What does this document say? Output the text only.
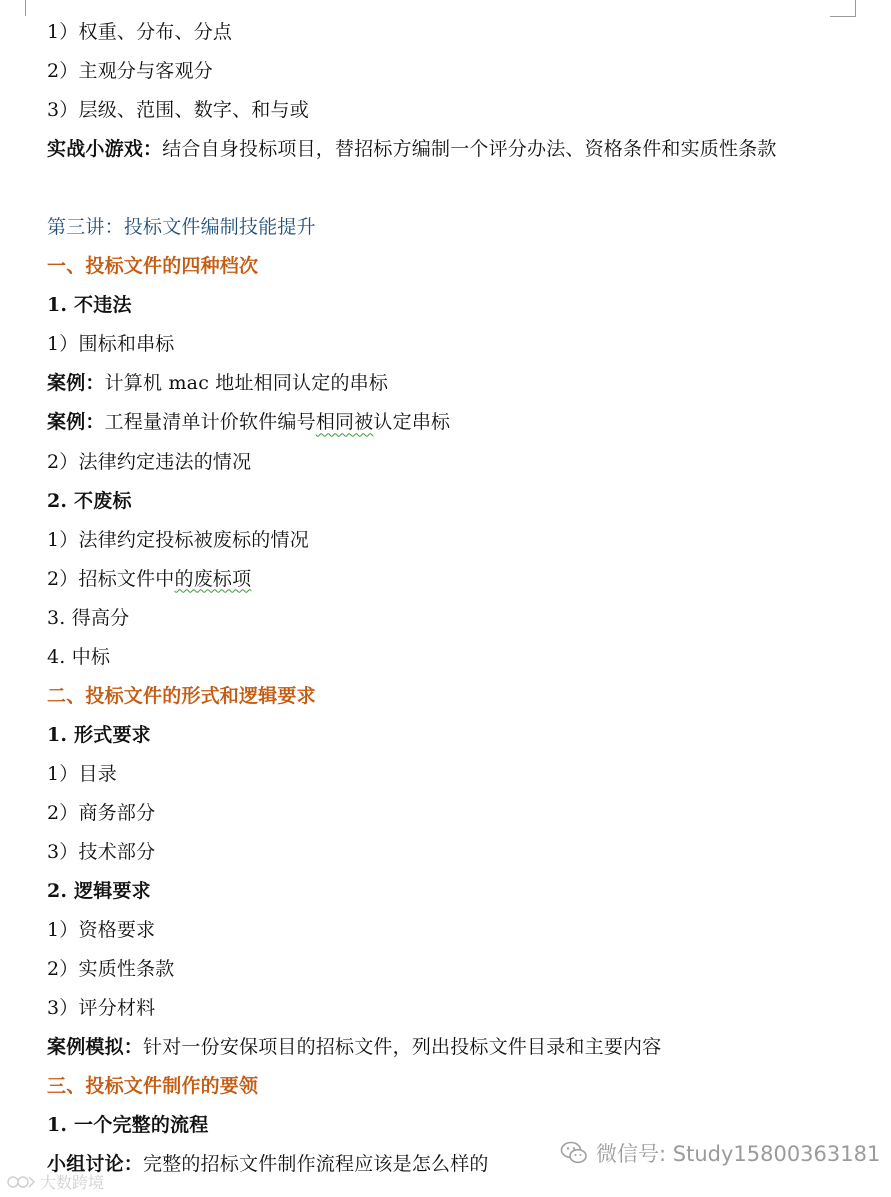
1）权重、分布、分点
2）主观分与客观分
3）层级、范围、数字、和与或
实战小游戏：结合自身投标项目，替招标方编制一个评分办法、资格条件和实质性条款
第三讲：投标文件编制技能提升
一、投标文件的四种档次
1. 不违法
1）围标和串标
案例：计算机 mac 地址相同认定的串标
案例：工程量清单计价软件编号相同被认定串标
2）法律约定违法的情况
2. 不废标
1）法律约定投标被废标的情况
2）招标文件中的废标项
3. 得高分
4. 中标
二、投标文件的形式和逻辑要求
1. 形式要求
1）目录
2）商务部分
3）技术部分
2. 逻辑要求
1）资格要求
2）实质性条款
3）评分材料
案例模拟：针对一份安保项目的招标文件，列出投标文件目录和主要内容
三、投标文件制作的要领
1. 一个完整的流程
小组讨论：完整的招标文件制作流程应该是怎么样的	微信号: Study15800363181
大数跨境
